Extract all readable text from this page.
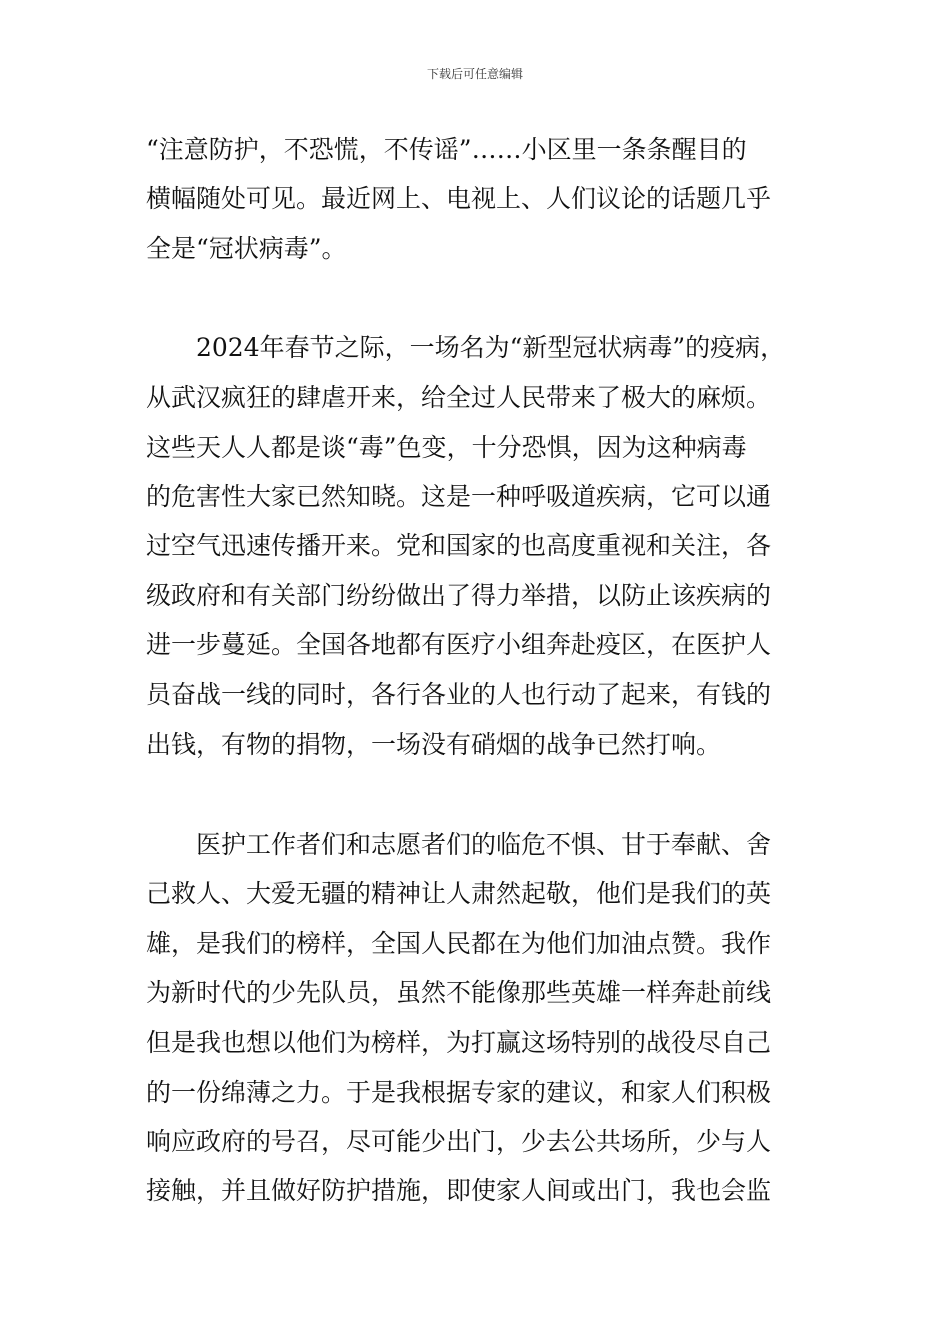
下载后可任意编辑
“注意防护，不恐慌，不传谣”……小区里一条条醒目的
横幅随处可见。最近网上、电视上、人们议论的话题几乎
全是“冠状病毒”。
2024年春节之际，一场名为“新型冠状病毒”的疫病，
从武汉疯狂的肆虐开来，给全过人民带来了极大的麻烦。
这些天人人都是谈“毒”色变，十分恐惧，因为这种病毒
的危害性大家已然知晓。这是一种呼吸道疾病，它可以通
过空气迅速传播开来。党和国家的也高度重视和关注，各
级政府和有关部门纷纷做出了得力举措，以防止该疾病的
进一步蔓延。全国各地都有医疗小组奔赴疫区，在医护人
员奋战一线的同时，各行各业的人也行动了起来，有钱的
出钱，有物的捐物，一场没有硝烟的战争已然打响。
医护工作者们和志愿者们的临危不惧、甘于奉献、舍
己救人、大爱无疆的精神让人肃然起敬，他们是我们的英
雄，是我们的榜样，全国人民都在为他们加油点赞。我作
为新时代的少先队员，虽然不能像那些英雄一样奔赴前线
但是我也想以他们为榜样，为打赢这场特别的战役尽自己
的一份绵薄之力。于是我根据专家的建议，和家人们积极
响应政府的号召，尽可能少出门，少去公共场所，少与人
接触，并且做好防护措施，即使家人间或出门，我也会监
